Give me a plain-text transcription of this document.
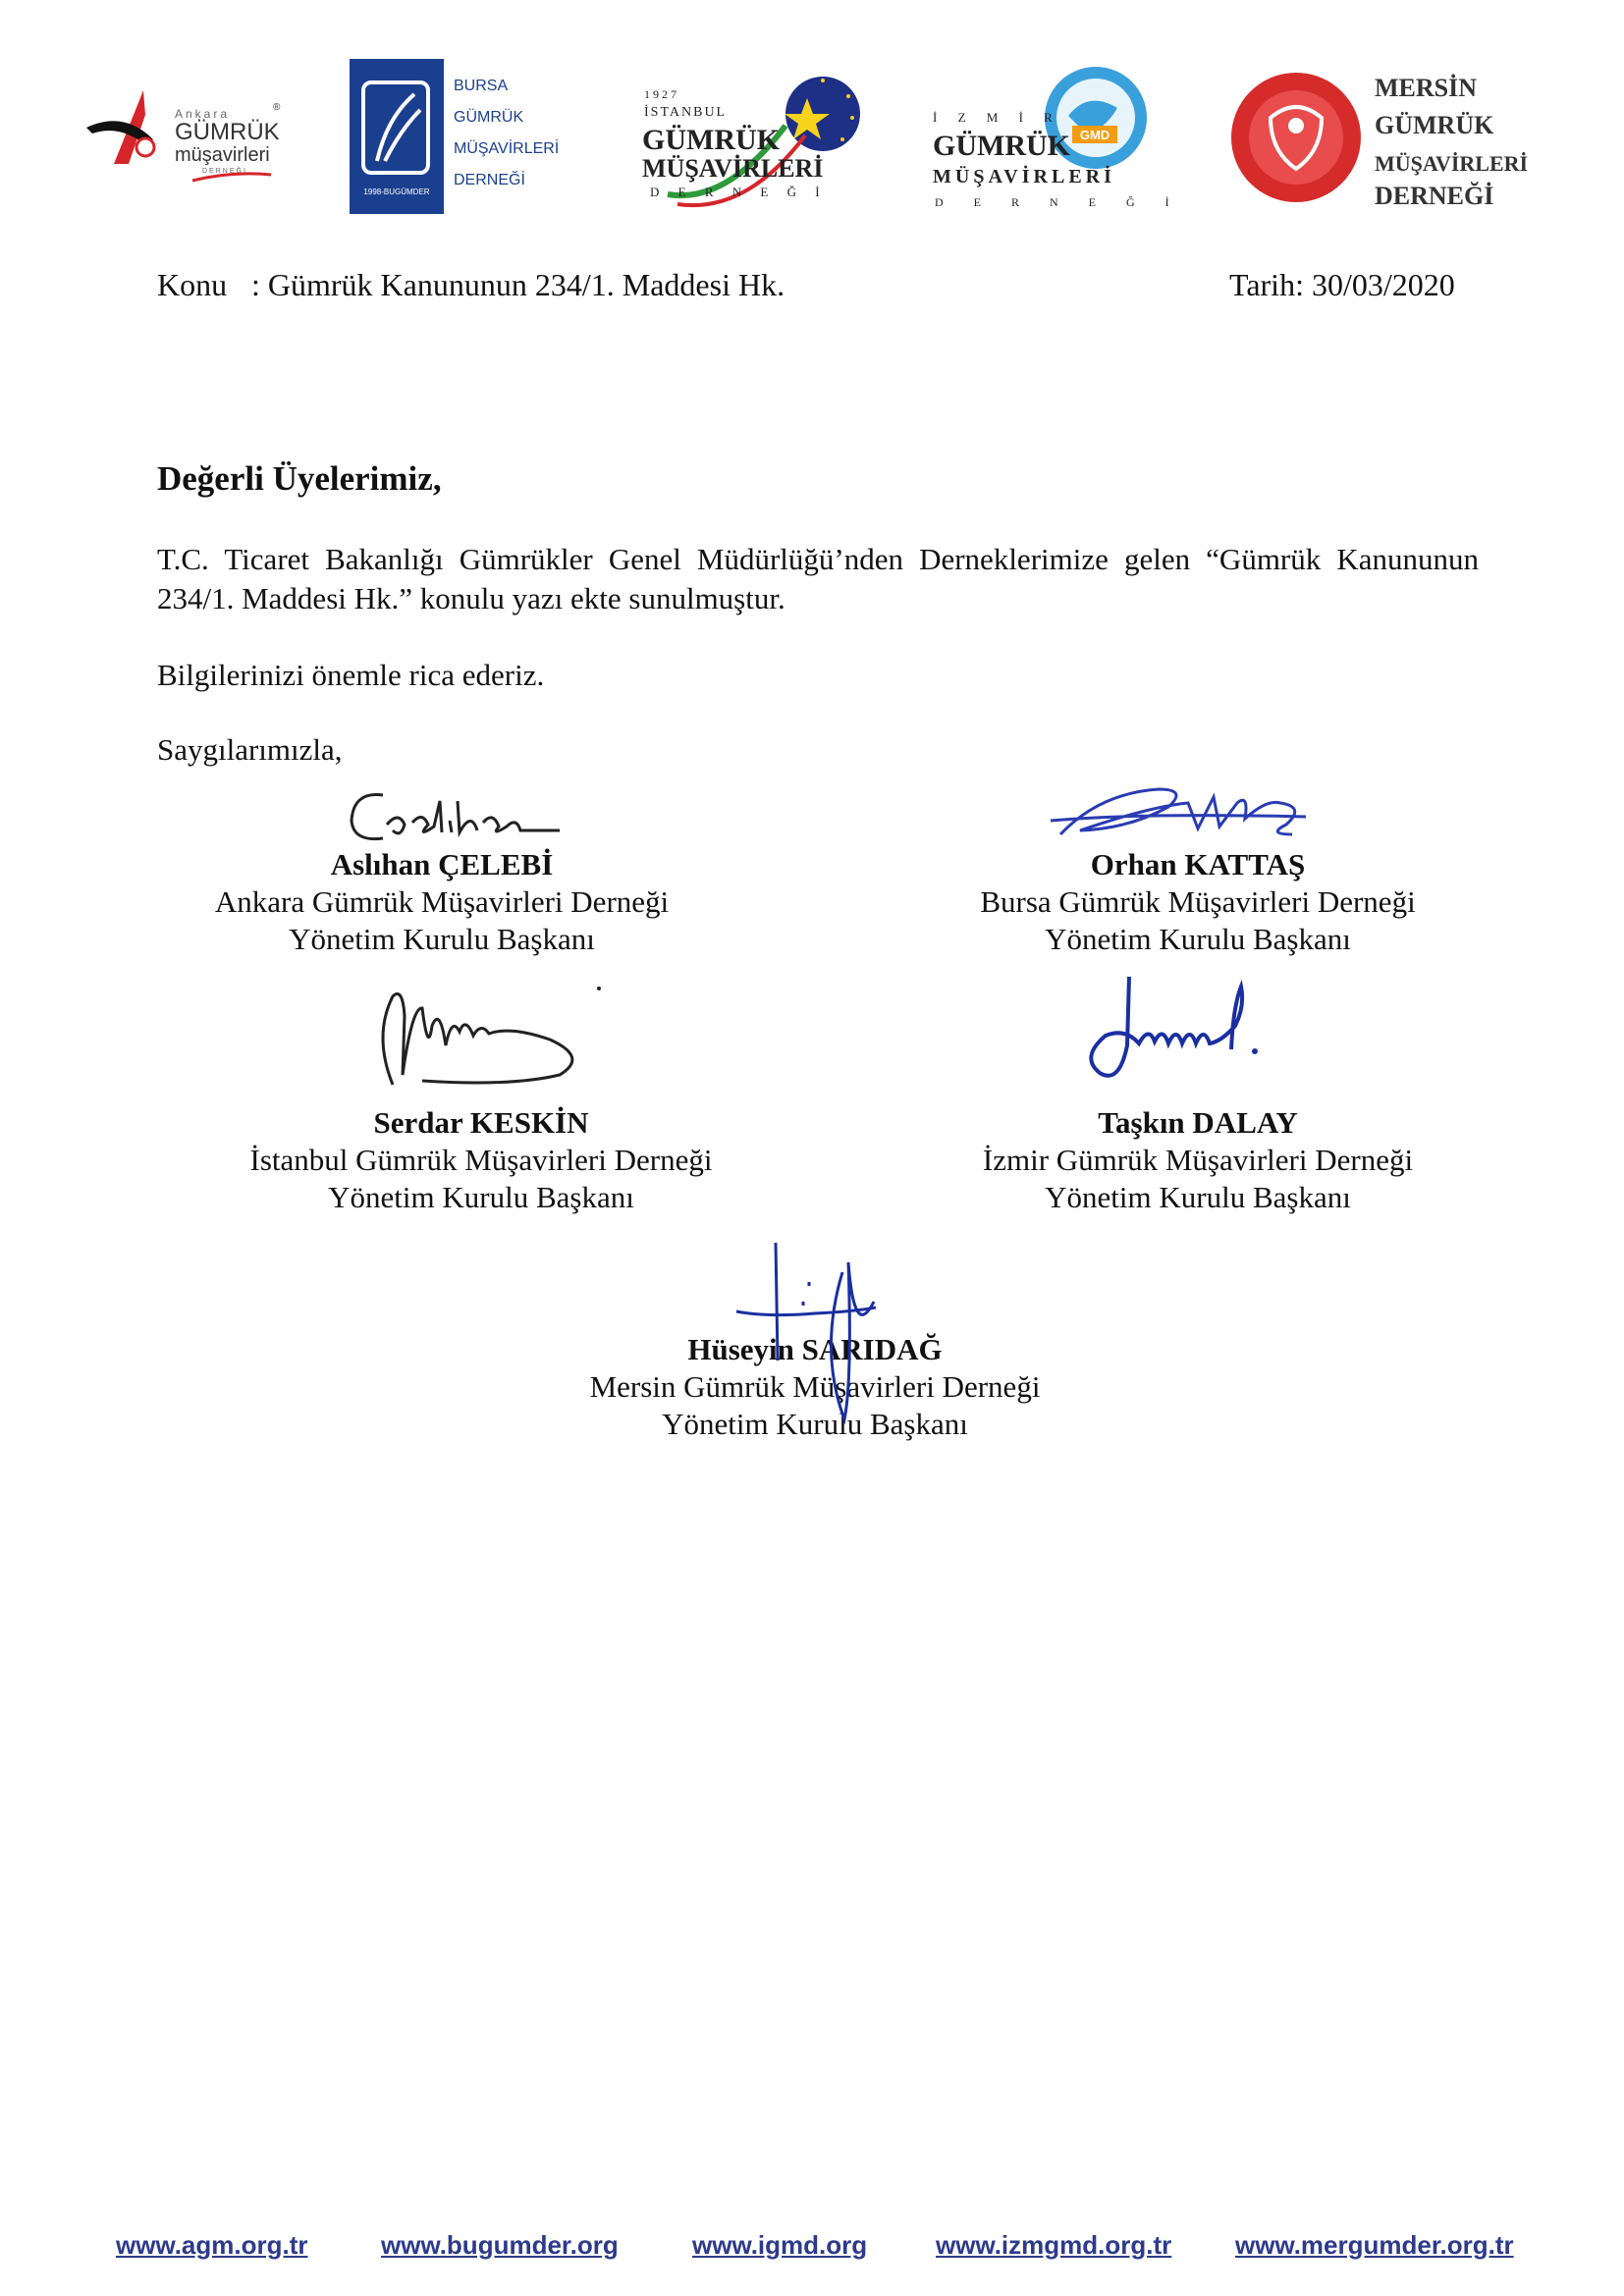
Ankara
GÜMRÜK
müşavirleri
DERNEĞİ
®
1998-BUGÜMDER
BURSA
GÜMRÜK
MÜŞAVİRLERİ
DERNEĞİ
1 9 2 7
İSTANBUL
GÜMRÜK
MÜŞAVİRLERİ
D E R N E Ğ İ
GMD
İ Z M İ R
GÜMRÜK
MÜŞAVİRLERİ
D E R N E Ğ İ
MERSİN
GÜMRÜK
MÜŞAVİRLERİ
DERNEĞİ
Konu : Gümrük Kanununun 234/1. Maddesi Hk.	Tarih: 30/03/2020
Değerli Üyelerimiz,
T.C. Ticaret Bakanlığı Gümrükler Genel Müdürlüğü’nden Derneklerimize gelen “Gümrük Kanununun 234/1. Maddesi Hk.” konulu yazı ekte sunulmuştur.
Bilgilerinizi önemle rica ederiz.
Saygılarımızla,
Aslıhan ÇELEBİ
Ankara Gümrük Müşavirleri Derneği
Yönetim Kurulu Başkanı
Orhan KATTAŞ
Bursa Gümrük Müşavirleri Derneği
Yönetim Kurulu Başkanı
Serdar KESKİN
İstanbul Gümrük Müşavirleri Derneği
Yönetim Kurulu Başkanı
Taşkın DALAY
İzmir Gümrük Müşavirleri Derneği
Yönetim Kurulu Başkanı
Hüseyin SARIDAĞ
Mersin Gümrük Müşavirleri Derneği
Yönetim Kurulu Başkanı
www.agm.org.tr	www.bugumder.org	www.igmd.org	www.izmgmd.org.tr www.mergumder.org.tr
